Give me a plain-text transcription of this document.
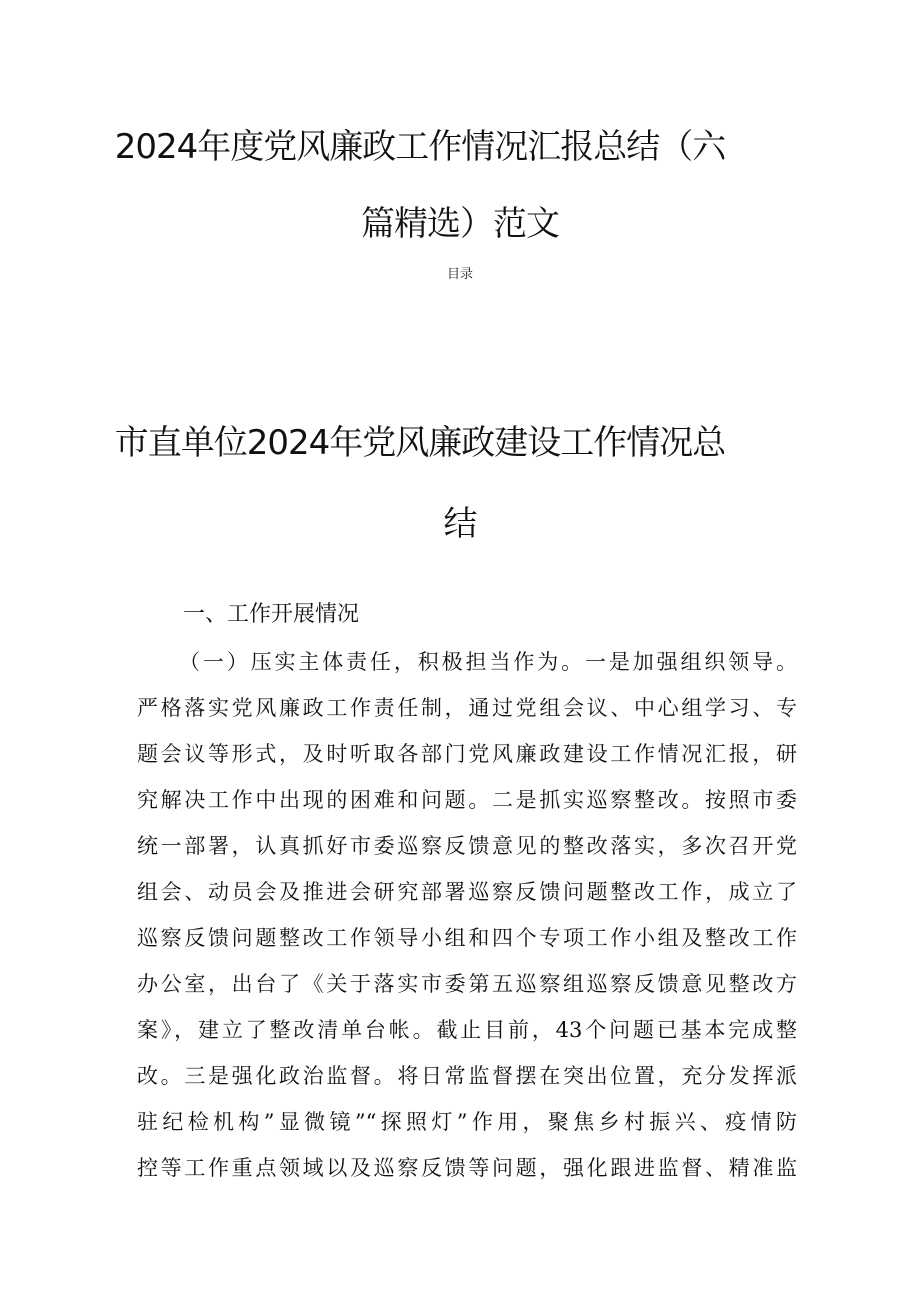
2024年度党风廉政工作情况汇报总结（六
篇精选）范文
目录
市直单位2024年党风廉政建设工作情况总
结
一、工作开展情况
（一）压实主体责任，积极担当作为。一是加强组织领导。
严格落实党风廉政工作责任制，通过党组会议、中心组学习、专
题会议等形式，及时听取各部门党风廉政建设工作情况汇报，研
究解决工作中出现的困难和问题。二是抓实巡察整改。按照市委
统一部署，认真抓好市委巡察反馈意见的整改落实，多次召开党
组会、动员会及推进会研究部署巡察反馈问题整改工作，成立了
巡察反馈问题整改工作领导小组和四个专项工作小组及整改工作
办公室，出台了《关于落实市委第五巡察组巡察反馈意见整改方
案》，建立了整改清单台帐。截止目前，43个问题已基本完成整
改。三是强化政治监督。将日常监督摆在突出位置，充分发挥派
驻纪检机构”显微镜”“探照灯”作用，聚焦乡村振兴、疫情防
控等工作重点领域以及巡察反馈等问题，强化跟进监督、精准监
